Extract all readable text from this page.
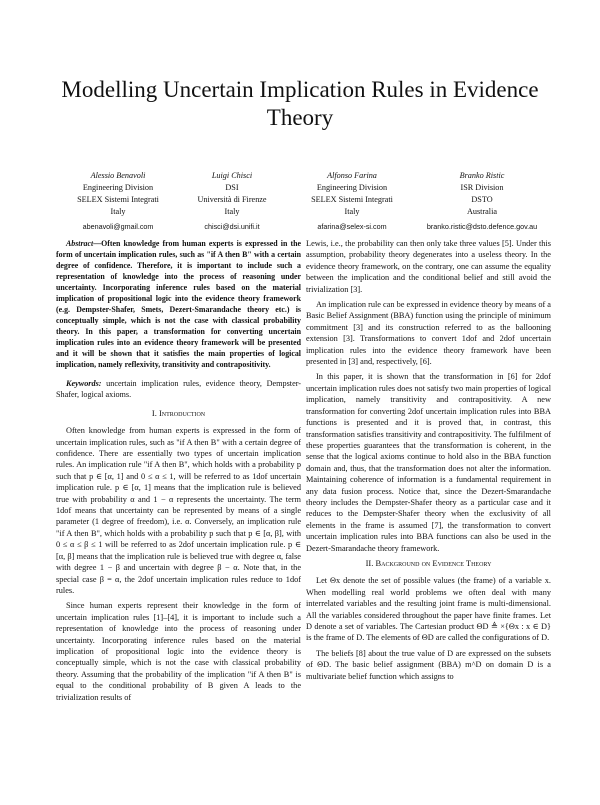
Modelling Uncertain Implication Rules in Evidence Theory
Alessio Benavoli
Engineering Division
SELEX Sistemi Integrati
Italy
abenavoli@gmail.com
Luigi Chisci
DSI
Università di Firenze
Italy
chisci@dsi.unifi.it
Alfonso Farina
Engineering Division
SELEX Sistemi Integrati
Italy
afarina@selex-si.com
Branko Ristic
ISR Division
DSTO
Australia
branko.ristic@dsto.defence.gov.au

Abstract—Often knowledge from human experts is expressed in the form of uncertain implication rules, such as "if A then B" with a certain degree of confidence. Therefore, it is important to include such a representation of knowledge into the process of reasoning under uncertainty. Incorporating inference rules based on the material implication of propositional logic into the evidence theory framework (e.g. Dempster-Shafer, Smets, Dezert-Smarandache theory etc.) is conceptually simple, which is not the case with classical probability theory. In this paper, a transformation for converting uncertain implication rules into an evidence theory framework will be presented and it will be shown that it satisfies the main properties of logical implication, namely reflexivity, transitivity and contrapositivity.

Keywords: uncertain implication rules, evidence theory, Dempster-Shafer, logical axioms.

I. Introduction

Often knowledge from human experts is expressed in the form of uncertain implication rules, such as "if A then B" with a certain degree of confidence. There are essentially two types of uncertain implication rules. An implication rule "if A then B", which holds with a probability p such that p ∈ [α, 1] and 0 ≤ α ≤ 1, will be referred to as 1dof uncertain implication rule. p ∈ [α, 1] means that the implication rule is believed true with probability α and 1 − α represents the uncertainty. The term 1dof means that uncertainty can be represented by means of a single parameter (1 degree of freedom), i.e. α. Conversely, an implication rule "if A then B", which holds with a probability p such that p ∈ [α, β], with 0 ≤ α ≤ β ≤ 1 will be referred to as 2dof uncertain implication rule. p ∈ [α, β] means that the implication rule is believed true with degree α, false with degree 1 − β and uncertain with degree β − α. Note that, in the special case β = α, the 2dof uncertain implication rules reduce to 1dof rules.

Since human experts represent their knowledge in the form of uncertain implication rules [1]–[4], it is important to include such a representation of knowledge into the process of reasoning under uncertainty. Incorporating inference rules based on the material implication of propositional logic into the evidence theory is conceptually simple, which is not the case with classical probability theory. Assuming that the probability of the implication "if A then B" is equal to the conditional probability of B given A leads to the trivialization results of

Lewis, i.e., the probability can then only take three values [5]. Under this assumption, probability theory degenerates into a useless theory. In the evidence theory framework, on the contrary, one can assume the equality between the implication and the conditional belief and still avoid the trivialization [3].

An implication rule can be expressed in evidence theory by means of a Basic Belief Assignment (BBA) function using the principle of minimum commitment [3] and its construction referred to as the ballooning extension [3]. Transformations to convert 1dof and 2dof uncertain implication rules into the evidence theory framework have been presented in [3] and, respectively, [6].

In this paper, it is shown that the transformation in [6] for 2dof uncertain implication rules does not satisfy two main properties of logical implication, namely transitivity and contrapositivity. A new transformation for converting 2dof uncertain implication rules into BBA functions is presented and it is proved that, in contrast, this transformation satisfies transitivity and contrapositivity. The fulfilment of these properties guarantees that the transformation is coherent, in the sense that the logical axioms continue to hold also in the BBA function domain and, thus, that the transformation does not alter the information. Maintaining coherence of information is a fundamental requirement in any data fusion process. Notice that, since the Dezert-Smarandache theory includes the Dempster-Shafer theory as a particular case and it reduces to the Dempster-Shafer theory when the exclusivity of all elements in the frame is assumed [7], the transformation to convert uncertain implication rules into BBA functions can also be used in the Dezert-Smarandache theory framework.

II. Background on Evidence Theory

Let Θx denote the set of possible values (the frame) of a variable x. When modelling real world problems we often deal with many interrelated variables and the resulting joint frame is multi-dimensional. All the variables considered throughout the paper have finite frames. Let D denote a set of variables. The Cartesian product ΘD ≜ ×{Θx : x ∈ D} is the frame of D. The elements of ΘD are called the configurations of D.

The beliefs [8] about the true value of D are expressed on the subsets of ΘD. The basic belief assignment (BBA) m^D on domain D is a multivariate belief function which assigns to
